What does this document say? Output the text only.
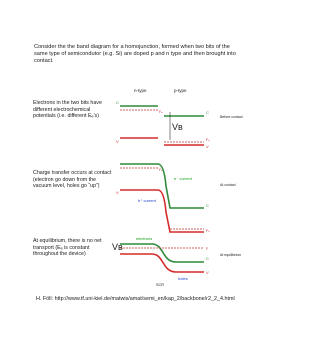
Consider the the band diagram for a homojunction, formed when two bits of the same type of semicondutor (e.g. Si) are doped p and n type and then brought into contact.

Electrons in the two bits have different electrochemical potentials (i.e. different Eₑ’s)

Charge transfer occurs at contact (electron go down from the vacuum level, holes go “up”)

At equilibrium, there is no net transport (Eₑ is constant throughout the device)

n-type	p-type
C
C
V
V
Fₙ
Fₚ
Vʙ
Before contact
e⁻ current
h⁺ current
C
V
Fₙ
Fₚ
At contact
C
V
F
Vʙ
electrons
holes
SCR
At equilibrium

H. Föll: http://www.tf.uni-kiel.de/matwis/amat/semi_en/kap_2/backbone/r2_2_4.html
